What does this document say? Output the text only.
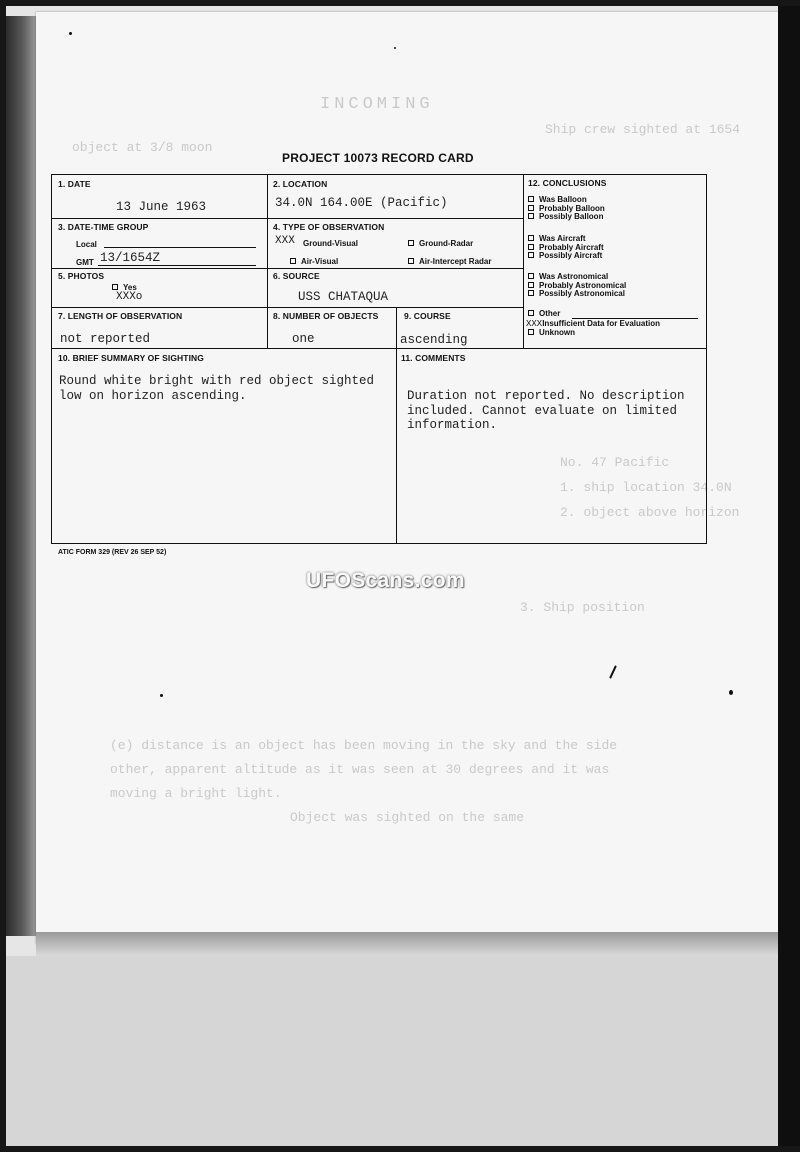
INCOMING
Ship crew sighted at 1654
object at 3/8 moon
No. 47 Pacific
1. ship location 34.0N
2. object above horizon
3. Ship position
(e) distance is an object has been moving in the sky and the side
other, apparent altitude as it was seen at 30 degrees and it was
moving a bright light.
Object was sighted on the same
PROJECT 10073 RECORD CARD
1. DATE
13 June 1963
2. LOCATION
34.0N 164.00E (Pacific)
3. DATE-TIME GROUP
Local
GMT 13/1654Z
4. TYPE OF OBSERVATION
XXX Ground-Visual	Ground-Radar
Air-Visual	Air-Intercept Radar
5. PHOTOS
Yes
XXXo
6. SOURCE
USS CHATAQUA
7. LENGTH OF OBSERVATION
not reported
8. NUMBER OF OBJECTS
one
9. COURSE
ascending
12. CONCLUSIONS
Was Balloon
Probably Balloon
Possibly Balloon
Was Aircraft
Probably Aircraft
Possibly Aircraft
Was Astronomical
Probably Astronomical
Possibly Astronomical
Other
XXXInsufficient Data for Evaluation
Unknown
10. BRIEF SUMMARY OF SIGHTING
Round white bright with red object sighted low on horizon ascending.
11. COMMENTS
Duration not reported. No description included. Cannot evaluate on limited information.
ATIC FORM 329 (REV 26 SEP 52)
UFOScans.com
